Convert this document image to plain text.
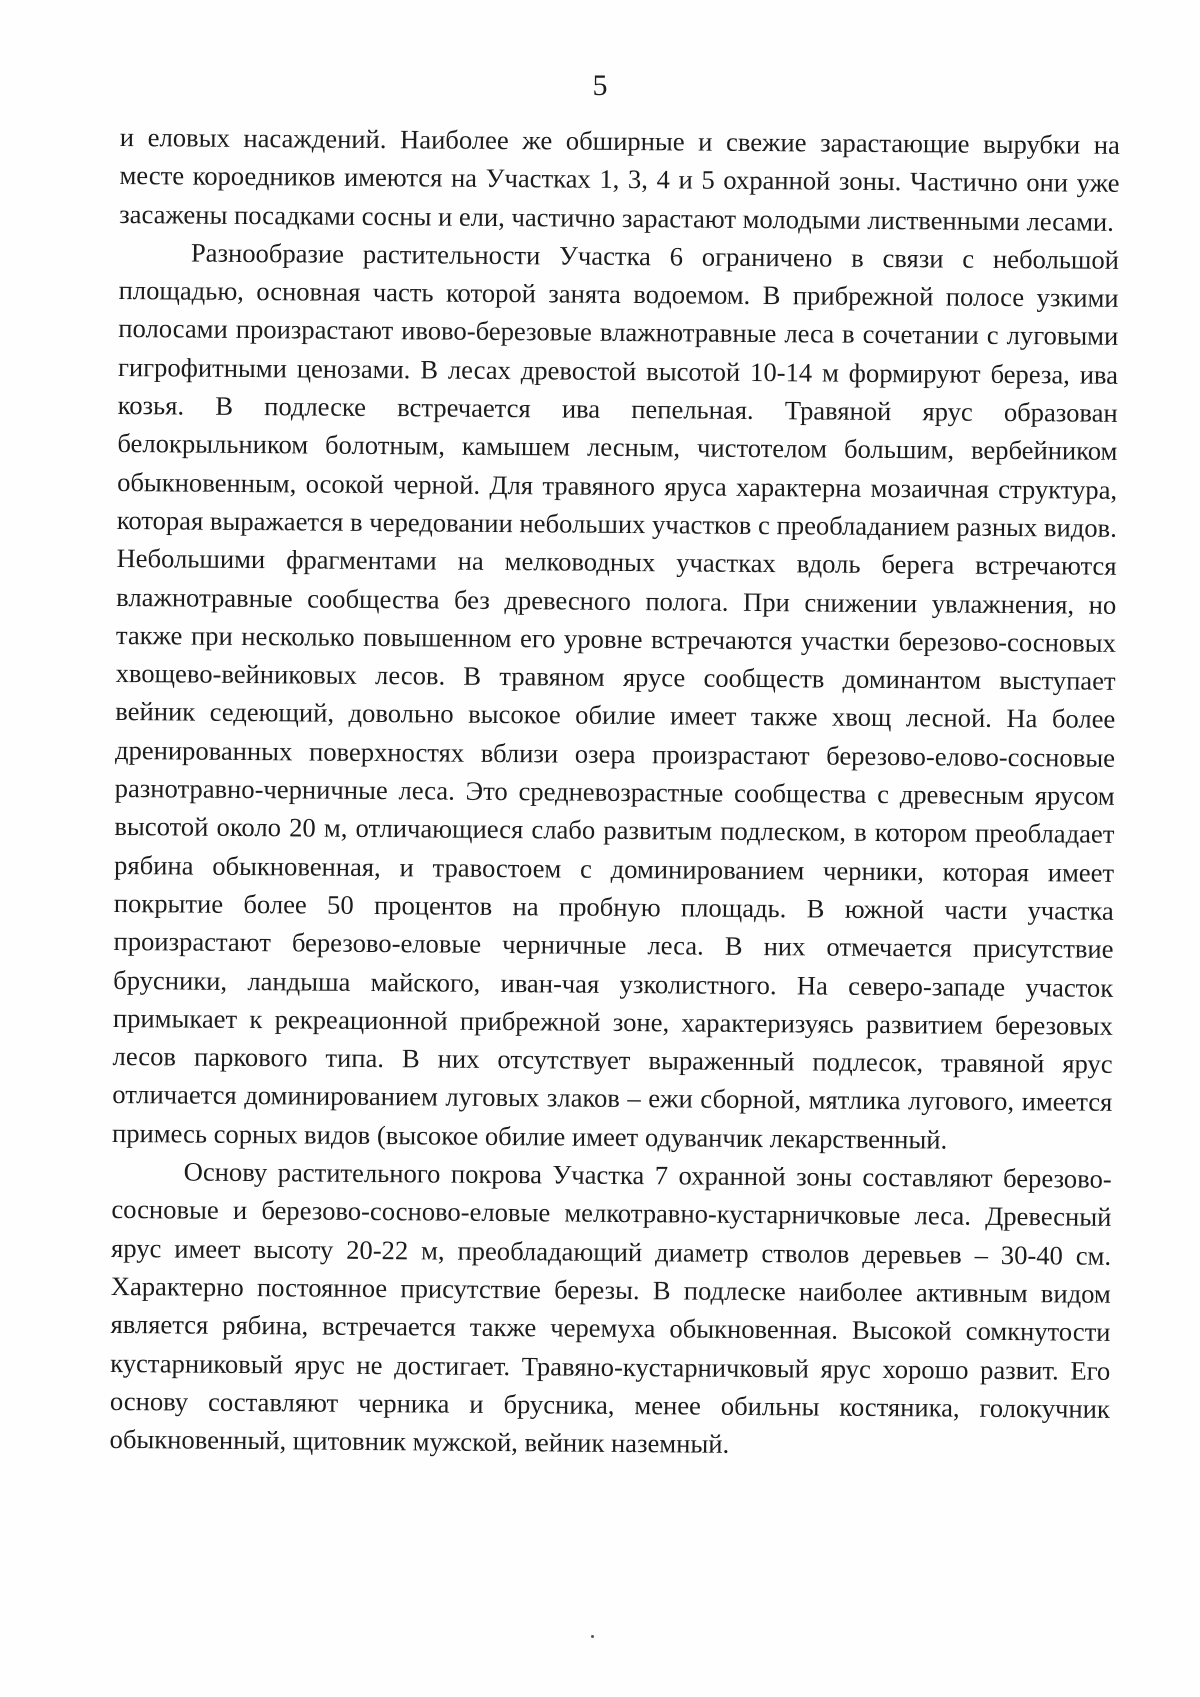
5

и еловых насаждений. Наиболее же обширные и свежие зарастающие вырубки на месте короедников имеются на Участках 1, 3, 4 и 5 охранной зоны. Частично они уже засажены посадками сосны и ели, частично зарастают молодыми лиственными лесами.

Разнообразие растительности Участка 6 ограничено в связи с небольшой площадью, основная часть которой занята водоемом. В прибрежной полосе узкими полосами произрастают ивово-березовые влажнотравные леса в сочетании с луговыми гигрофитными ценозами. В лесах древостой высотой 10-14 м формируют береза, ива козья. В подлеске встречается ива пепельная. Травяной ярус образован белокрыльником болотным, камышем лесным, чистотелом большим, вербейником обыкновенным, осокой черной. Для травяного яруса характерна мозаичная структура, которая выражается в чередовании небольших участков с преобладанием разных видов. Небольшими фрагментами на мелководных участках вдоль берега встречаются влажнотравные сообщества без древесного полога. При снижении увлажнения, но также при несколько повышенном его уровне встречаются участки березово-сосновых хвощево-вейниковых лесов. В травяном ярусе сообществ доминантом выступает вейник седеющий, довольно высокое обилие имеет также хвощ лесной. На более дренированных поверхностях вблизи озера произрастают березово-елово-сосновые разнотравно-черничные леса. Это средневозрастные сообщества с древесным ярусом высотой около 20 м, отличающиеся слабо развитым подлеском, в котором преобладает рябина обыкновенная, и травостоем с доминированием черники, которая имеет покрытие более 50 процентов на пробную площадь. В южной части участка произрастают березово-еловые черничные леса. В них отмечается присутствие брусники, ландыша майского, иван-чая узколистного. На северо-западе участок примыкает к рекреационной прибрежной зоне, характеризуясь развитием березовых лесов паркового типа. В них отсутствует выраженный подлесок, травяной ярус отличается доминированием луговых злаков – ежи сборной, мятлика лугового, имеется примесь сорных видов (высокое обилие имеет одуванчик лекарственный.

Основу растительного покрова Участка 7 охранной зоны составляют березово-сосновые и березово-сосново-еловые мелкотравно-кустарничковые леса. Древесный ярус имеет высоту 20-22 м, преобладающий диаметр стволов деревьев – 30-40 см. Характерно постоянное присутствие березы. В подлеске наиболее активным видом является рябина, встречается также черемуха обыкновенная. Высокой сомкнутости кустарниковый ярус не достигает. Травяно-кустарничковый ярус хорошо развит. Его основу составляют черника и брусника, менее обильны костяника, голокучник обыкновенный, щитовник мужской, вейник наземный.
